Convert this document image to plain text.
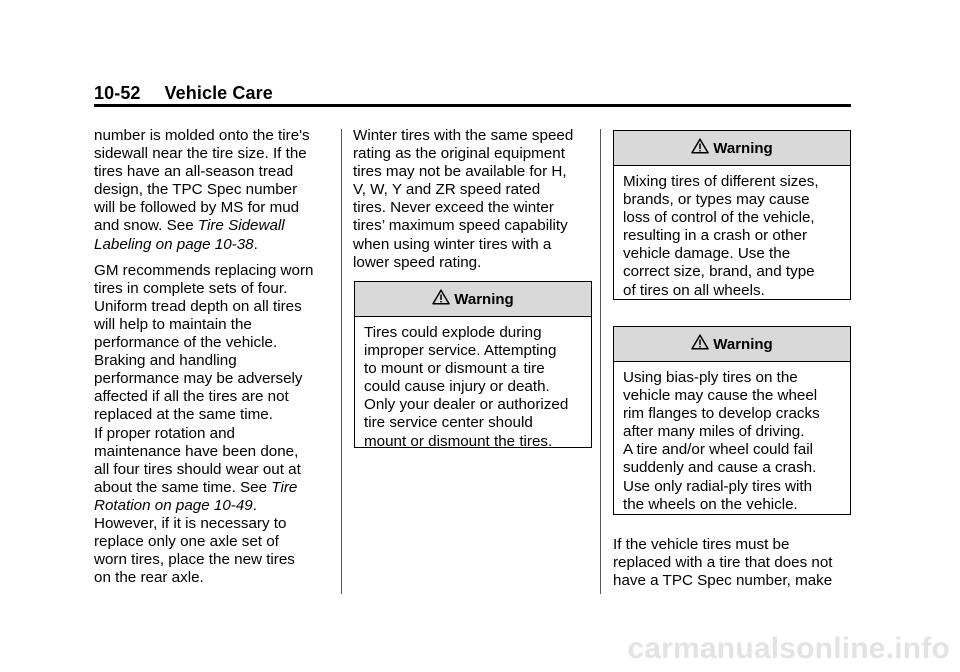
10-52 Vehicle Care

number is molded onto the tire's
sidewall near the tire size. If the
tires have an all-season tread
design, the TPC Spec number
will be followed by MS for mud
and snow. See Tire Sidewall
Labeling on page 10-38.

GM recommends replacing worn
tires in complete sets of four.
Uniform tread depth on all tires
will help to maintain the
performance of the vehicle.
Braking and handling
performance may be adversely
affected if all the tires are not
replaced at the same time.
If proper rotation and
maintenance have been done,
all four tires should wear out at
about the same time. See Tire
Rotation on page 10-49.
However, if it is necessary to
replace only one axle set of
worn tires, place the new tires
on the rear axle.

Winter tires with the same speed
rating as the original equipment
tires may not be available for H,
V, W, Y and ZR speed rated
tires. Never exceed the winter
tires’ maximum speed capability
when using winter tires with a
lower speed rating.

Warning
Tires could explode during
improper service. Attempting
to mount or dismount a tire
could cause injury or death.
Only your dealer or authorized
tire service center should
mount or dismount the tires.
Warning
Mixing tires of different sizes,
brands, or types may cause
loss of control of the vehicle,
resulting in a crash or other
vehicle damage. Use the
correct size, brand, and type
of tires on all wheels.
Warning
Using bias-ply tires on the
vehicle may cause the wheel
rim flanges to develop cracks
after many miles of driving.
A tire and/or wheel could fail
suddenly and cause a crash.
Use only radial-ply tires with
the wheels on the vehicle.
If the vehicle tires must be
replaced with a tire that does not
have a TPC Spec number, make
carmanualsonline.info
